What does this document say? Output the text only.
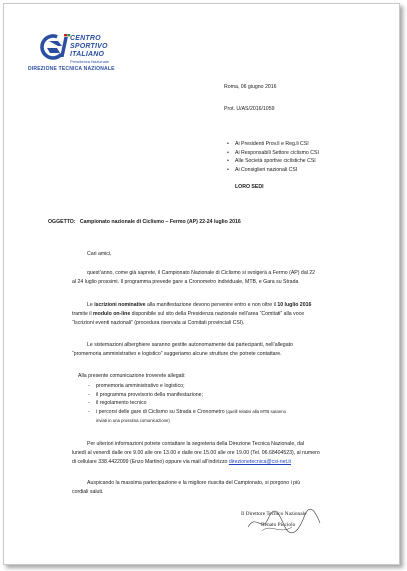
CENTRO
SPORTIVO
ITALIANO
Presidenza Nazionale
DIREZIONE TECNICA NAZIONALE
Roma, 06 giugno 2016
Prot. U/AS/2016/1059
• Ai Presidenti Prov.li e Reg.li CSI
• Ai Responsabili Settore ciclismo CSI
• Alle Società sportive ciclistiche CSI
• Ai Consiglieri nazionali CSI
LORO SEDI
OGGETTO: Campionato nazionale di Ciclismo – Fermo (AP) 22-24 luglio 2016
Cari amici,
quest’anno, come già saprete, il Campionato Nazionale di Ciclismo si svolgerà a Fermo (AP) dal 22
al 24 luglio prossimi. Il programma prevede gare a Cronometro individuale, MTB, e Gara su Strada
Le iscrizioni nominative alla manifestazione devono pervenire entro e non oltre il 10 luglio 2016
tramite il modulo on-line disponibile sul sito della Presidenza nazionale nell’area “Comitati” alla voce
“Iscrizioni eventi nazionali” (procedura riservata ai Comitati provinciali CSI).
Le sistemazioni alberghiere saranno gestite autonomamente dai partecipanti, nell’allegato
“promemoria amministrativo e logistico” suggeriamo alcune strutture che potrete contattare.
Alla presente comunicazione troverete allegati:
- promemoria amministrativo e logistico;
- il programma provvisorio della manifestazione;
- il regolamento tecnico
- i percorsi delle gare di Ciclismo su Strada e Cronometro (quelli relativi alla MTB saranno
inviati in una prossima comunicazione)
Per ulteriori informazioni potrete contattare la segreteria della Direzione Tecnica Nazionale, dal
lunedì al venerdì dalle ore 9.00 alle ore 13.00 e dalle ore 15.00 alle ore 19.00 (Tel. 06.68404523), al numero
di cellulare 338.4422099 (Enzo Martino) oppure via mail all’indirizzo direzionetecnica@csi-net.it
Auspicando la massima partecipazione e la migliore riuscita del Campionato, si porgono i più
cordiali saluti.
Il Direttore Tecnico Nazionale
Renato Picciolo
